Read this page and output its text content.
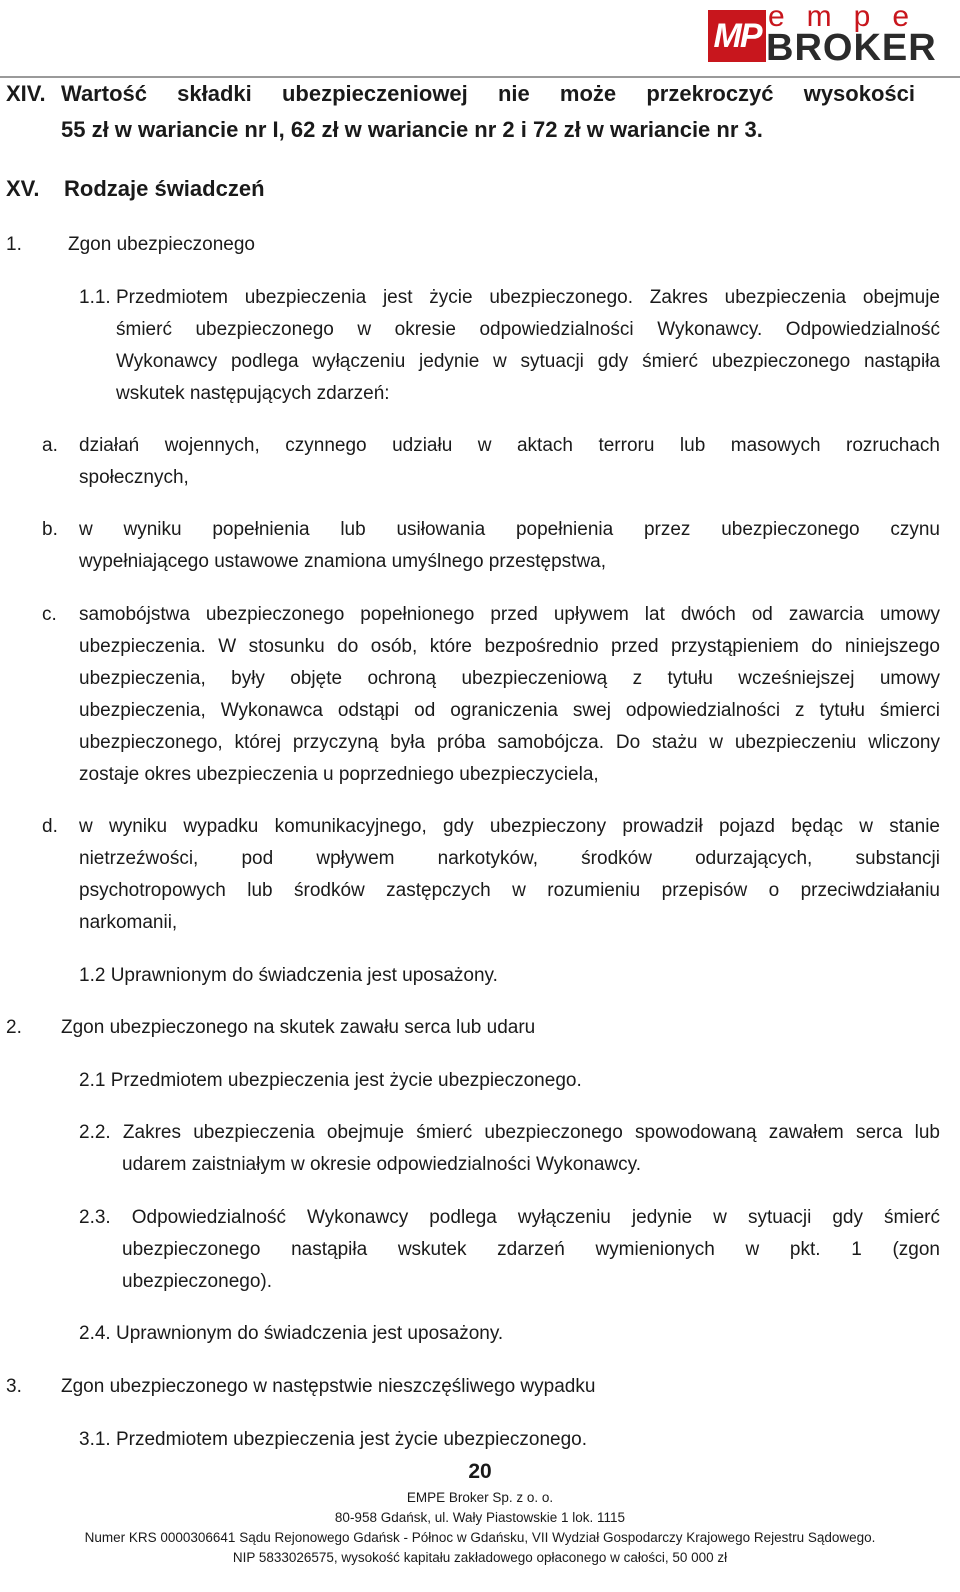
MP
empe
BROKER
XIV. Wartość składki ubezpieczeniowej nie może przekroczyć wysokości
55 zł w wariancie nr I, 62 zł w wariancie nr 2 i 72 zł w wariancie nr 3.
XV. Rodzaje świadczeń
1. Zgon ubezpieczonego
1.1. Przedmiotem ubezpieczenia jest życie ubezpieczonego. Zakres ubezpieczenia obejmuje
śmierć ubezpieczonego w okresie odpowiedzialności Wykonawcy. Odpowiedzialność
Wykonawcy podlega wyłączeniu jedynie w sytuacji gdy śmierć ubezpieczonego nastąpiła
wskutek następujących zdarzeń:
a. działań wojennych, czynnego udziału w aktach terroru lub masowych rozruchach
społecznych,
b. w wyniku popełnienia lub usiłowania popełnienia przez ubezpieczonego czynu
wypełniającego ustawowe znamiona umyślnego przestępstwa,
c. samobójstwa ubezpieczonego popełnionego przed upływem lat dwóch od zawarcia umowy
ubezpieczenia. W stosunku do osób, które bezpośrednio przed przystąpieniem do niniejszego
ubezpieczenia, były objęte ochroną ubezpieczeniową z tytułu wcześniejszej umowy
ubezpieczenia, Wykonawca odstąpi od ograniczenia swej odpowiedzialności z tytułu śmierci
ubezpieczonego, której przyczyną była próba samobójcza. Do stażu w ubezpieczeniu wliczony
zostaje okres ubezpieczenia u poprzedniego ubezpieczyciela,
d. w wyniku wypadku komunikacyjnego, gdy ubezpieczony prowadził pojazd będąc w stanie
nietrzeźwości, pod wpływem narkotyków, środków odurzających, substancji
psychotropowych lub środków zastępczych w rozumieniu przepisów o przeciwdziałaniu
narkomanii,
1.2 Uprawnionym do świadczenia jest uposażony.
2. Zgon ubezpieczonego na skutek zawału serca lub udaru
2.1 Przedmiotem ubezpieczenia jest życie ubezpieczonego.
2.2. Zakres ubezpieczenia obejmuje śmierć ubezpieczonego spowodowaną zawałem serca lub
udarem zaistniałym w okresie odpowiedzialności Wykonawcy.
2.3. Odpowiedzialność Wykonawcy podlega wyłączeniu jedynie w sytuacji gdy śmierć
ubezpieczonego nastąpiła wskutek zdarzeń wymienionych w pkt. 1 (zgon
ubezpieczonego).
2.4. Uprawnionym do świadczenia jest uposażony.
3. Zgon ubezpieczonego w następstwie nieszczęśliwego wypadku
3.1. Przedmiotem ubezpieczenia jest życie ubezpieczonego.
20
EMPE Broker Sp. z o. o.
80-958 Gdańsk, ul. Wały Piastowskie 1 lok. 1115
Numer KRS 0000306641 Sądu Rejonowego Gdańsk - Północ w Gdańsku, VII Wydział Gospodarczy Krajowego Rejestru Sądowego.
NIP 5833026575, wysokość kapitału zakładowego opłaconego w całości, 50 000 zł
